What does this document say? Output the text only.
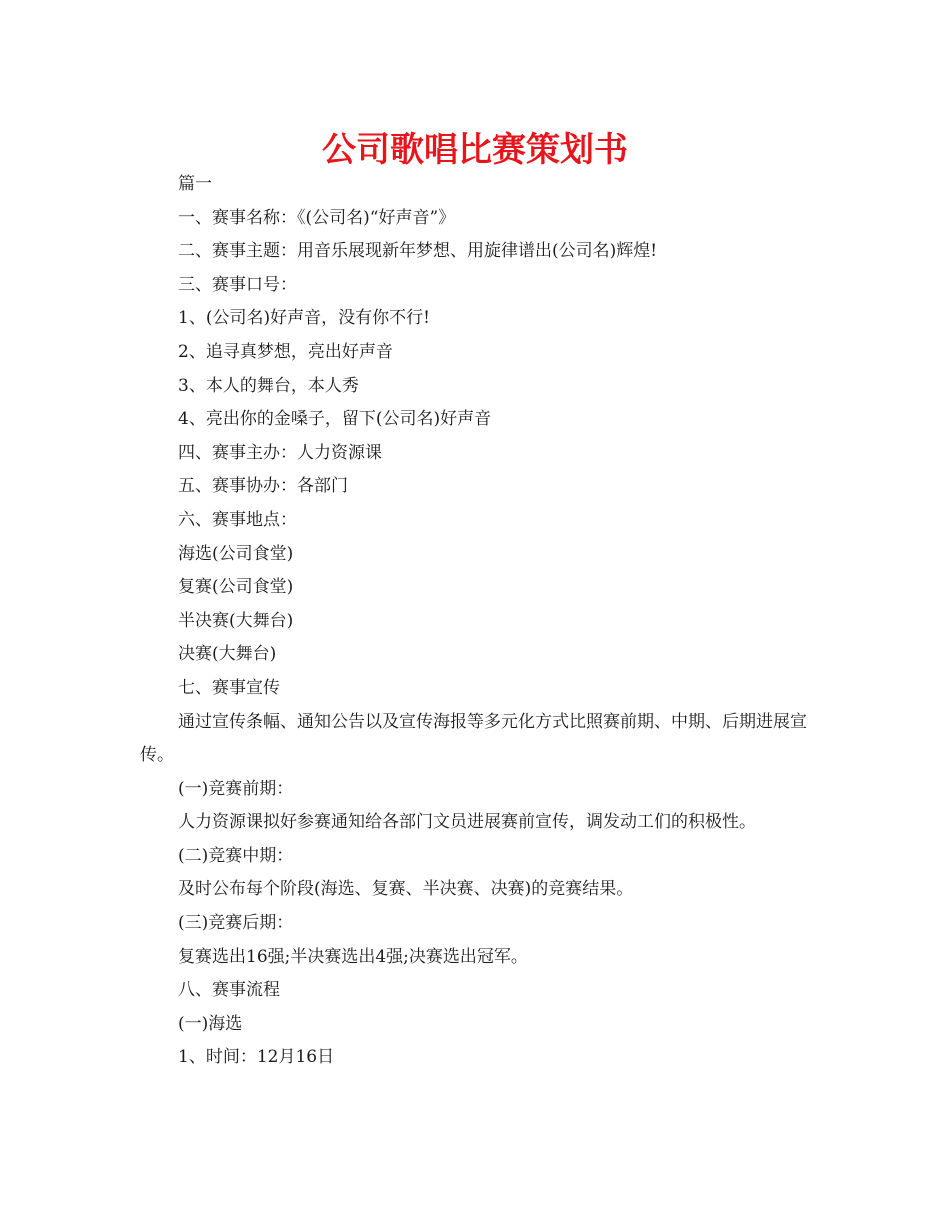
公司歌唱比赛策划书

篇一

一、赛事名称：《(公司名)“好声音”》

二、赛事主题：用音乐展现新年梦想、用旋律谱出(公司名)辉煌!

三、赛事口号：

1、(公司名)好声音，没有你不行!

2、追寻真梦想，亮出好声音

3、本人的舞台，本人秀

4、亮出你的金嗓子，留下(公司名)好声音

四、赛事主办：人力资源课

五、赛事协办：各部门

六、赛事地点：

海选(公司食堂)

复赛(公司食堂)

半决赛(大舞台)

决赛(大舞台)

七、赛事宣传

通过宣传条幅、通知公告以及宣传海报等多元化方式比照赛前期、中期、后期进展宣传。

(一)竞赛前期：

人力资源课拟好参赛通知给各部门文员进展赛前宣传，调发动工们的积极性。

(二)竞赛中期：

及时公布每个阶段(海选、复赛、半决赛、决赛)的竞赛结果。

(三)竞赛后期：

复赛选出16强;半决赛选出4强;决赛选出冠军。

八、赛事流程

(一)海选

1、时间：12月16日
